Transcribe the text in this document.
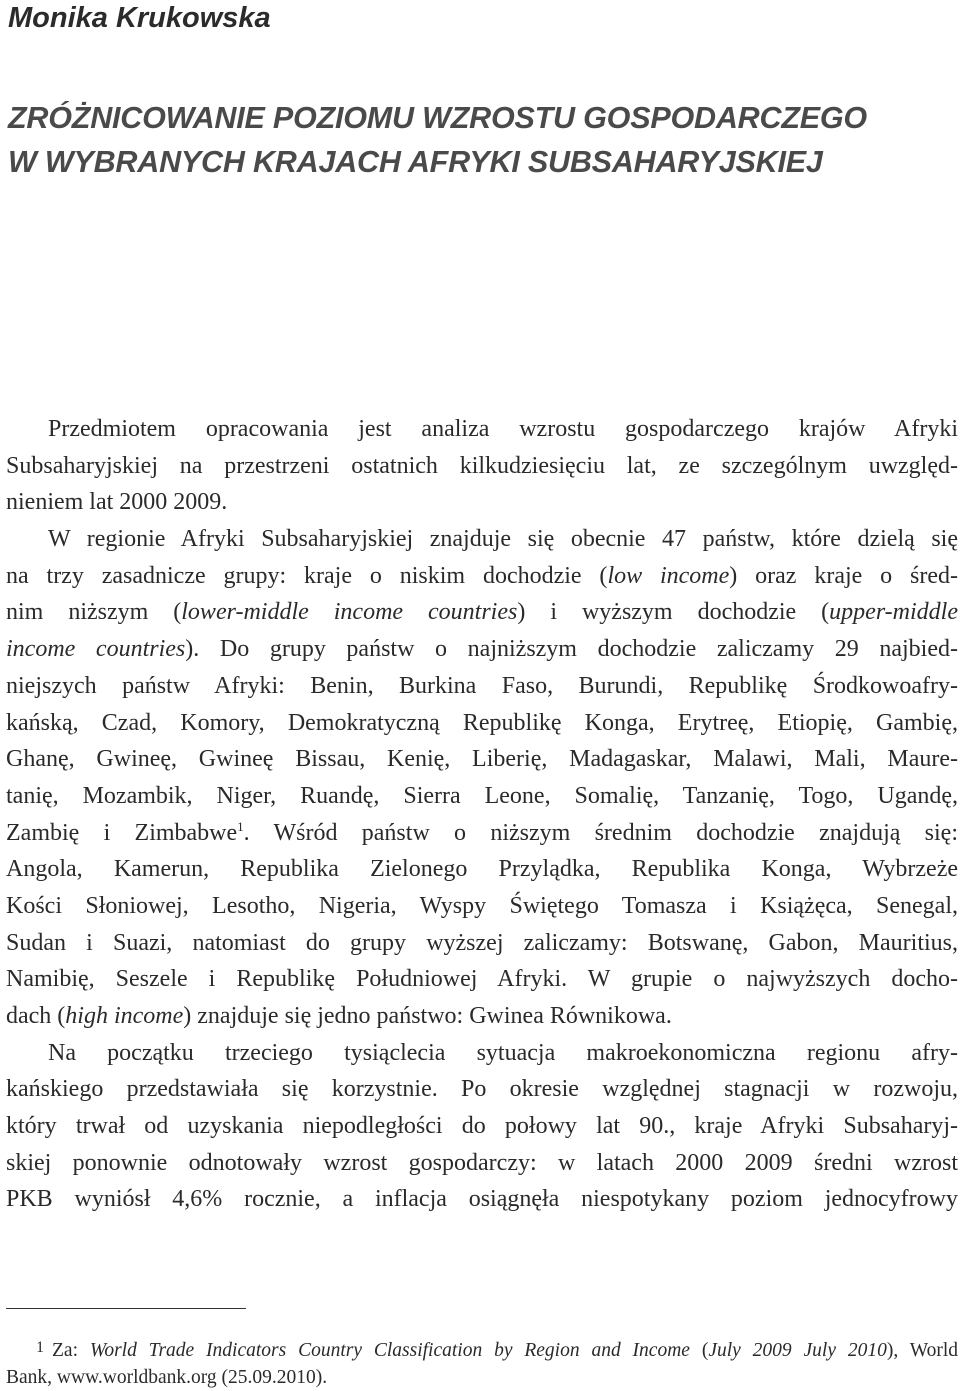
Monika Krukowska
ZRÓŻNICOWANIE POZIOMU WZROSTU GOSPODARCZEGO
W WYBRANYCH KRAJACH AFRYKI SUBSAHARYJSKIEJ
Przedmiotem opracowania jest analiza wzrostu gospodarczego krajów Afryki
Subsaharyjskiej na przestrzeni ostatnich kilkudziesięciu lat, ze szczególnym uwzględ-
nieniem lat 2000 2009.
W regionie Afryki Subsaharyjskiej znajduje się obecnie 47 państw, które dzielą się
na trzy zasadnicze grupy: kraje o niskim dochodzie (low income) oraz kraje o śred-
nim niższym (lower-middle income countries) i wyższym dochodzie (upper-middle
income countries). Do grupy państw o najniższym dochodzie zaliczamy 29 najbied-
niejszych państw Afryki: Benin, Burkina Faso, Burundi, Republikę Środkowoafry-
kańską, Czad, Komory, Demokratyczną Republikę Konga, Erytreę, Etiopię, Gambię,
Ghanę, Gwineę, Gwineę Bissau, Kenię, Liberię, Madagaskar, Malawi, Mali, Maure-
tanię, Mozambik, Niger, Ruandę, Sierra Leone, Somalię, Tanzanię, Togo, Ugandę,
Zambię i Zimbabwe$^1$. Wśród państw o niższym średnim dochodzie znajdują się:
Angola, Kamerun, Republika Zielonego Przylądka, Republika Konga, Wybrzeże
Kości Słoniowej, Lesotho, Nigeria, Wyspy Świętego Tomasza i Książęca, Senegal,
Sudan i Suazi, natomiast do grupy wyższej zaliczamy: Botswanę, Gabon, Mauritius,
Namibię, Seszele i Republikę Południowej Afryki. W grupie o najwyższych docho-
dach (high income) znajduje się jedno państwo: Gwinea Równikowa.
Na początku trzeciego tysiąclecia sytuacja makroekonomiczna regionu afry-
kańskiego przedstawiała się korzystnie. Po okresie względnej stagnacji w rozwoju,
który trwał od uzyskania niepodległości do połowy lat 90., kraje Afryki Subsaharyj-
skiej ponownie odnotowały wzrost gospodarczy: w latach 2000 2009 średni wzrost
PKB wyniósł 4,6% rocznie, a inflacja osiągnęła niespotykany poziom jednocyfrowy
1 Za: World Trade Indicators Country Classification by Region and Income (July 2009 July 2010), World
Bank, www.worldbank.org (25.09.2010).
